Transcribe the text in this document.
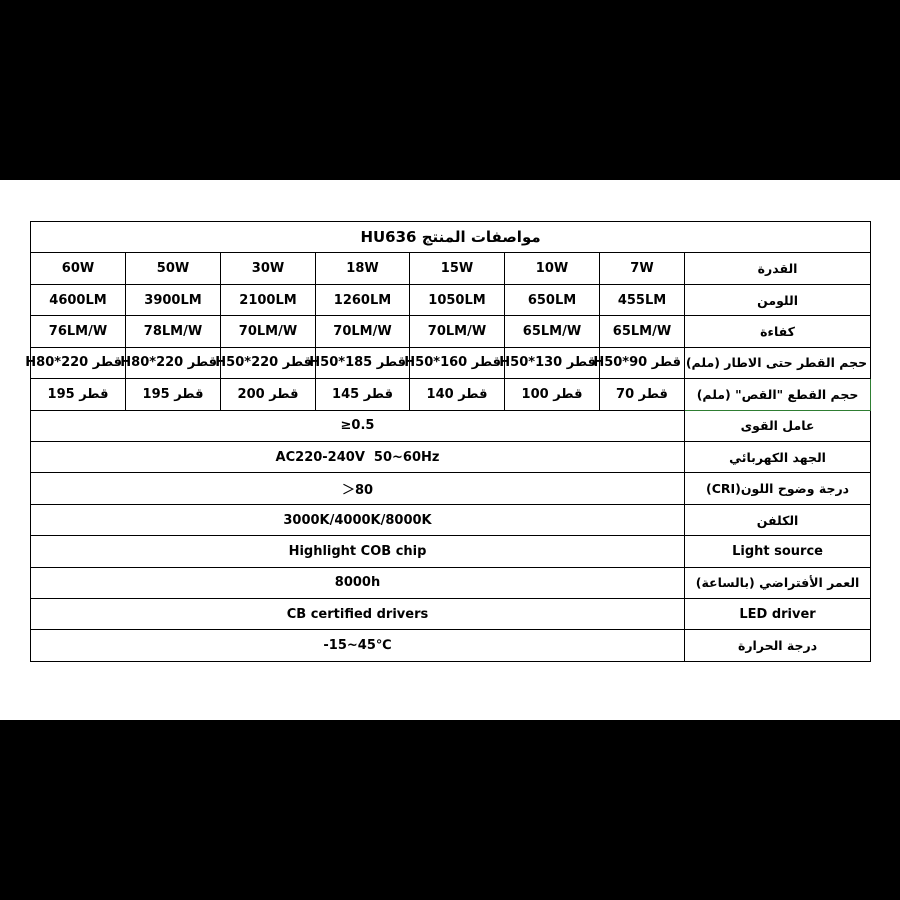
مواصفات المنتج HU636							
60W	50W	30W	18W	15W	10W	7W	القدرة
4600LM	3900LM	2100LM	1260LM	1050LM	650LM	455LM	اللومن
76LM/W	78LM/W	70LM/W	70LM/W	70LM/W	65LM/W	65LM/W	كفاءة
قطر 220*H80	قطر 220*H80	قطر 220*H50	قطر 185*H50	قطر 160*H50	قطر 130*H50	قطر 90*H50	حجم القطر حتى الاطار (ملم)
قطر 195	قطر 195	قطر 200	قطر 145	قطر 140	قطر 100	قطر 70	حجم القطع "القص" (ملم)
≥0.5							عامل القوى
AC220-240V  50~60Hz							الجهد الكهربائي
＞80							درجة وضوح اللون(CRI)
3000K/4000K/8000K							الكلفن
Highlight COB chip							Light source
8000h							العمر الأفتراضي (بالساعة)
CB certified drivers							LED driver
-15~45℃							درجة الحرارة
